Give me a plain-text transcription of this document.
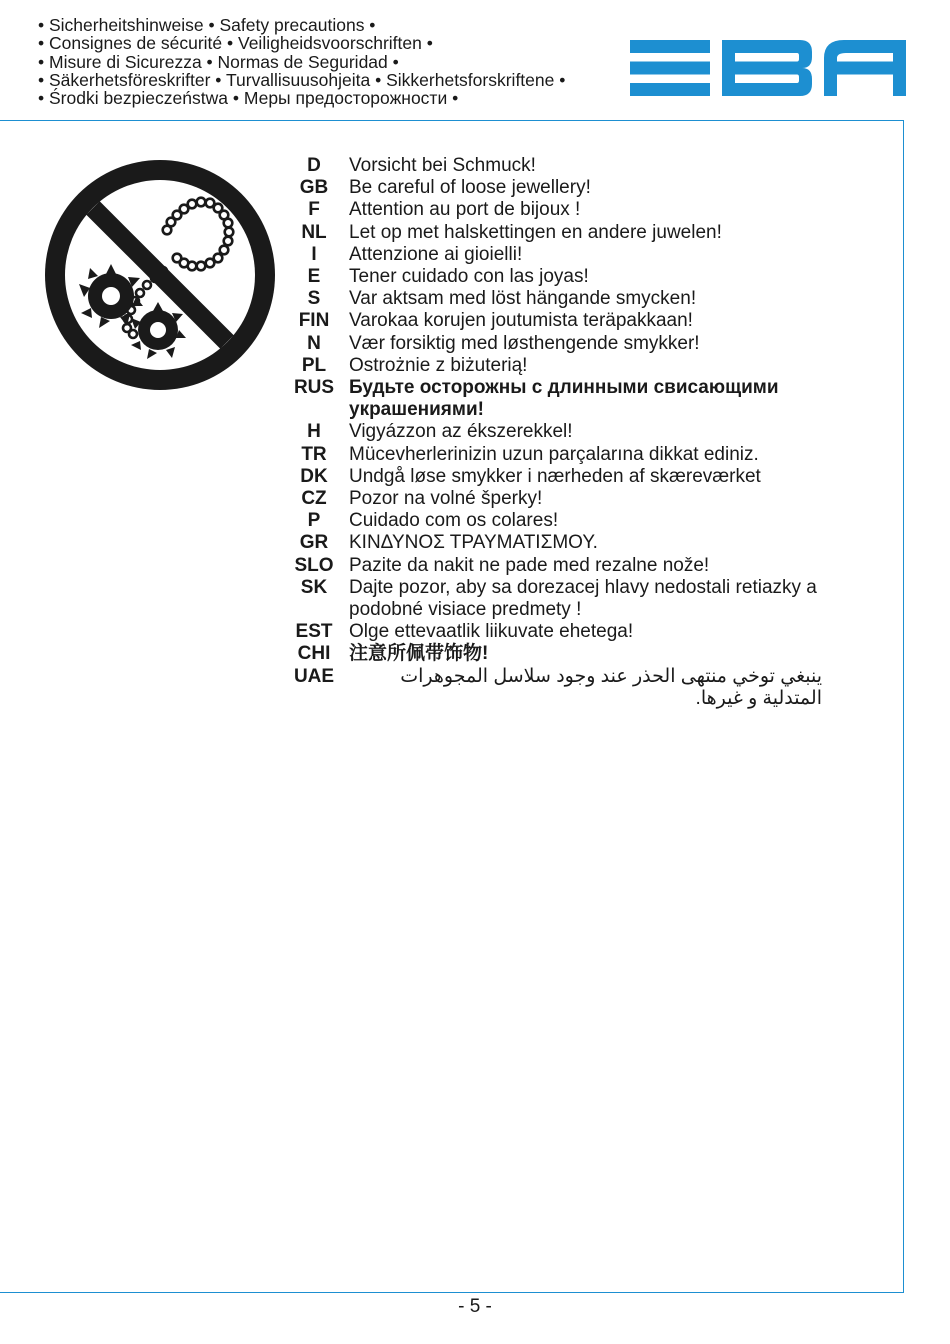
• Sicherheitshinweise • Safety precautions •
• Consignes de sécurité • Veiligheidsvoorschriften •
• Misure di Sicurezza • Normas de Seguridad •
• Säkerhetsföreskrifter • Turvallisuusohjeita • Sikkerhetsforskriftene •
• Środki bezpieczeństwa • Меры предосторожности •
D	Vorsicht bei Schmuck!
GB	Be careful of loose jewellery!
F	Attention au port de bijoux !
NL	Let op met halskettingen en andere juwelen!
I	Attenzione ai gioielli!
E	Tener cuidado con las joyas!
S	Var aktsam med löst hängande smycken!
FIN	Varokaa korujen joutumista teräpakkaan!
N	Vær forsiktig med løsthengende smykker!
PL	Ostrożnie z biżuterią!
RUS Будьте осторожны с длинными свисающими украшениями!
H	Vigyázzon az ékszerekkel!
TR	Mücevherlerinizin uzun parçalarına dikkat ediniz.
DK	Undgå løse smykker i nærheden af skæreværket
CZ	Pozor na volné šperky!
P	Cuidado com os colares!
GR	ΚΙΝΔΥΝΟΣ ΤΡΑΥΜΑΤΙΣΜΟΥ.
SLO Pazite da nakit ne pade med rezalne nože!
SK	Dajte pozor, aby sa dorezacej hlavy nedostali retiazky a podobné visiace predmety !
EST Olge ettevaatlik liikuvate ehetega!
CHI 注意所佩带饰物!
UAE	ينبغي توخي منتهى الحذر عند وجود سلاسل المجوهرات المتدلية و غيرها.
- 5 -
